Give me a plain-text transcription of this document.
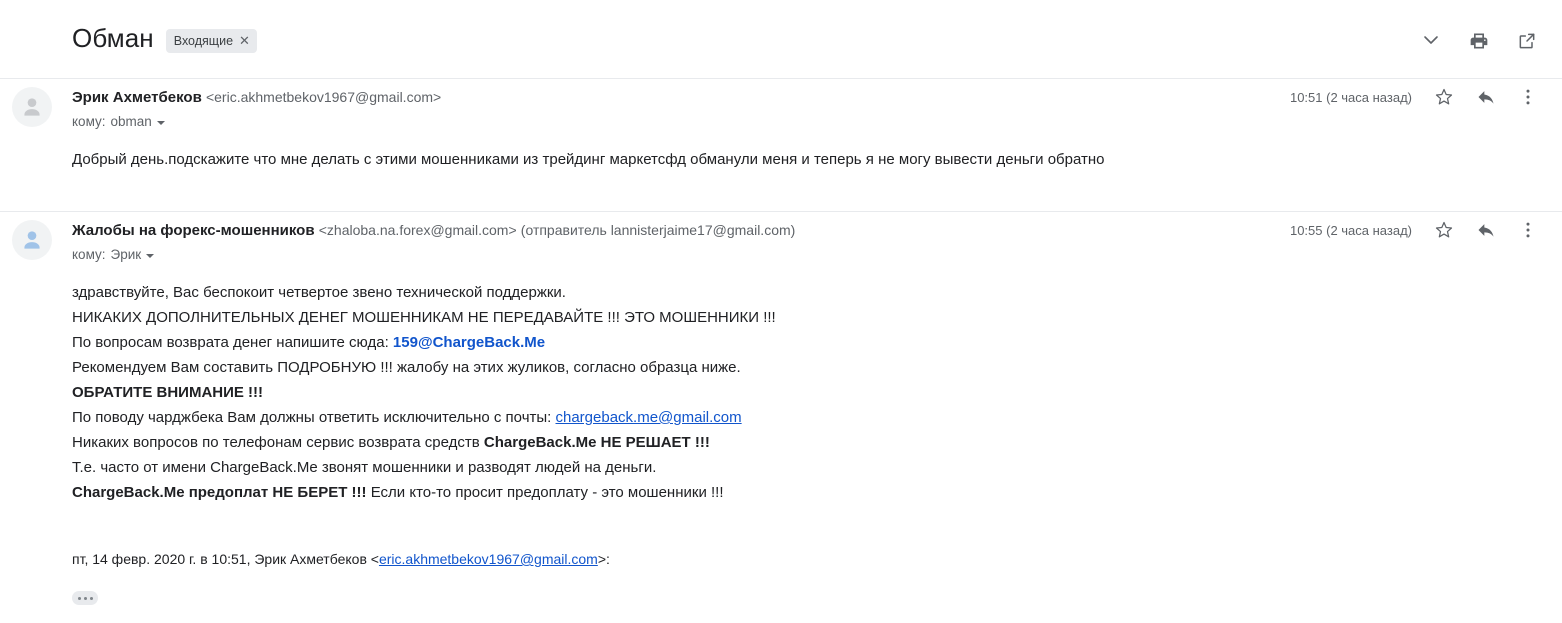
Обман Входящие ✕
Эрик Ахметбеков <eric.akhmetbekov1967@gmail.com>
кому: obman
10:51 (2 часа назад)
Добрый день.подскажите что мне делать с этими мошенниками из трейдинг маркетсфд обманули меня и теперь я не могу вывести деньги обратно
Жалобы на форекс-мошенников <zhaloba.na.forex@gmail.com> (отправитель lannisterjaime17@gmail.com)
кому: Эрик
10:55 (2 часа назад)
здравствуйте, Вас беспокоит четвертое звено технической поддержки.
НИКАКИХ ДОПОЛНИТЕЛЬНЫХ ДЕНЕГ МОШЕННИКАМ НЕ ПЕРЕДАВАЙТЕ !!! ЭТО МОШЕННИКИ !!!
По вопросам возврата денег напишите сюда: 159@ChargeBack.Me
Рекомендуем Вам составить ПОДРОБНУЮ !!! жалобу на этих жуликов, согласно образца ниже.
ОБРАТИТЕ ВНИМАНИЕ !!!
По поводу чарджбека Вам должны ответить исключительно с почты: chargeback.me@gmail.com
Никаких вопросов по телефонам сервис возврата средств ChargeBack.Me НЕ РЕШАЕТ !!!
Т.е. часто от имени ChargeBack.Me звонят мошенники и разводят людей на деньги.
ChargeBack.Me предоплат НЕ БЕРЕТ !!! Если кто-то просит предоплату - это мошенники !!!
пт, 14 февр. 2020 г. в 10:51, Эрик Ахметбеков <eric.akhmetbekov1967@gmail.com>:
